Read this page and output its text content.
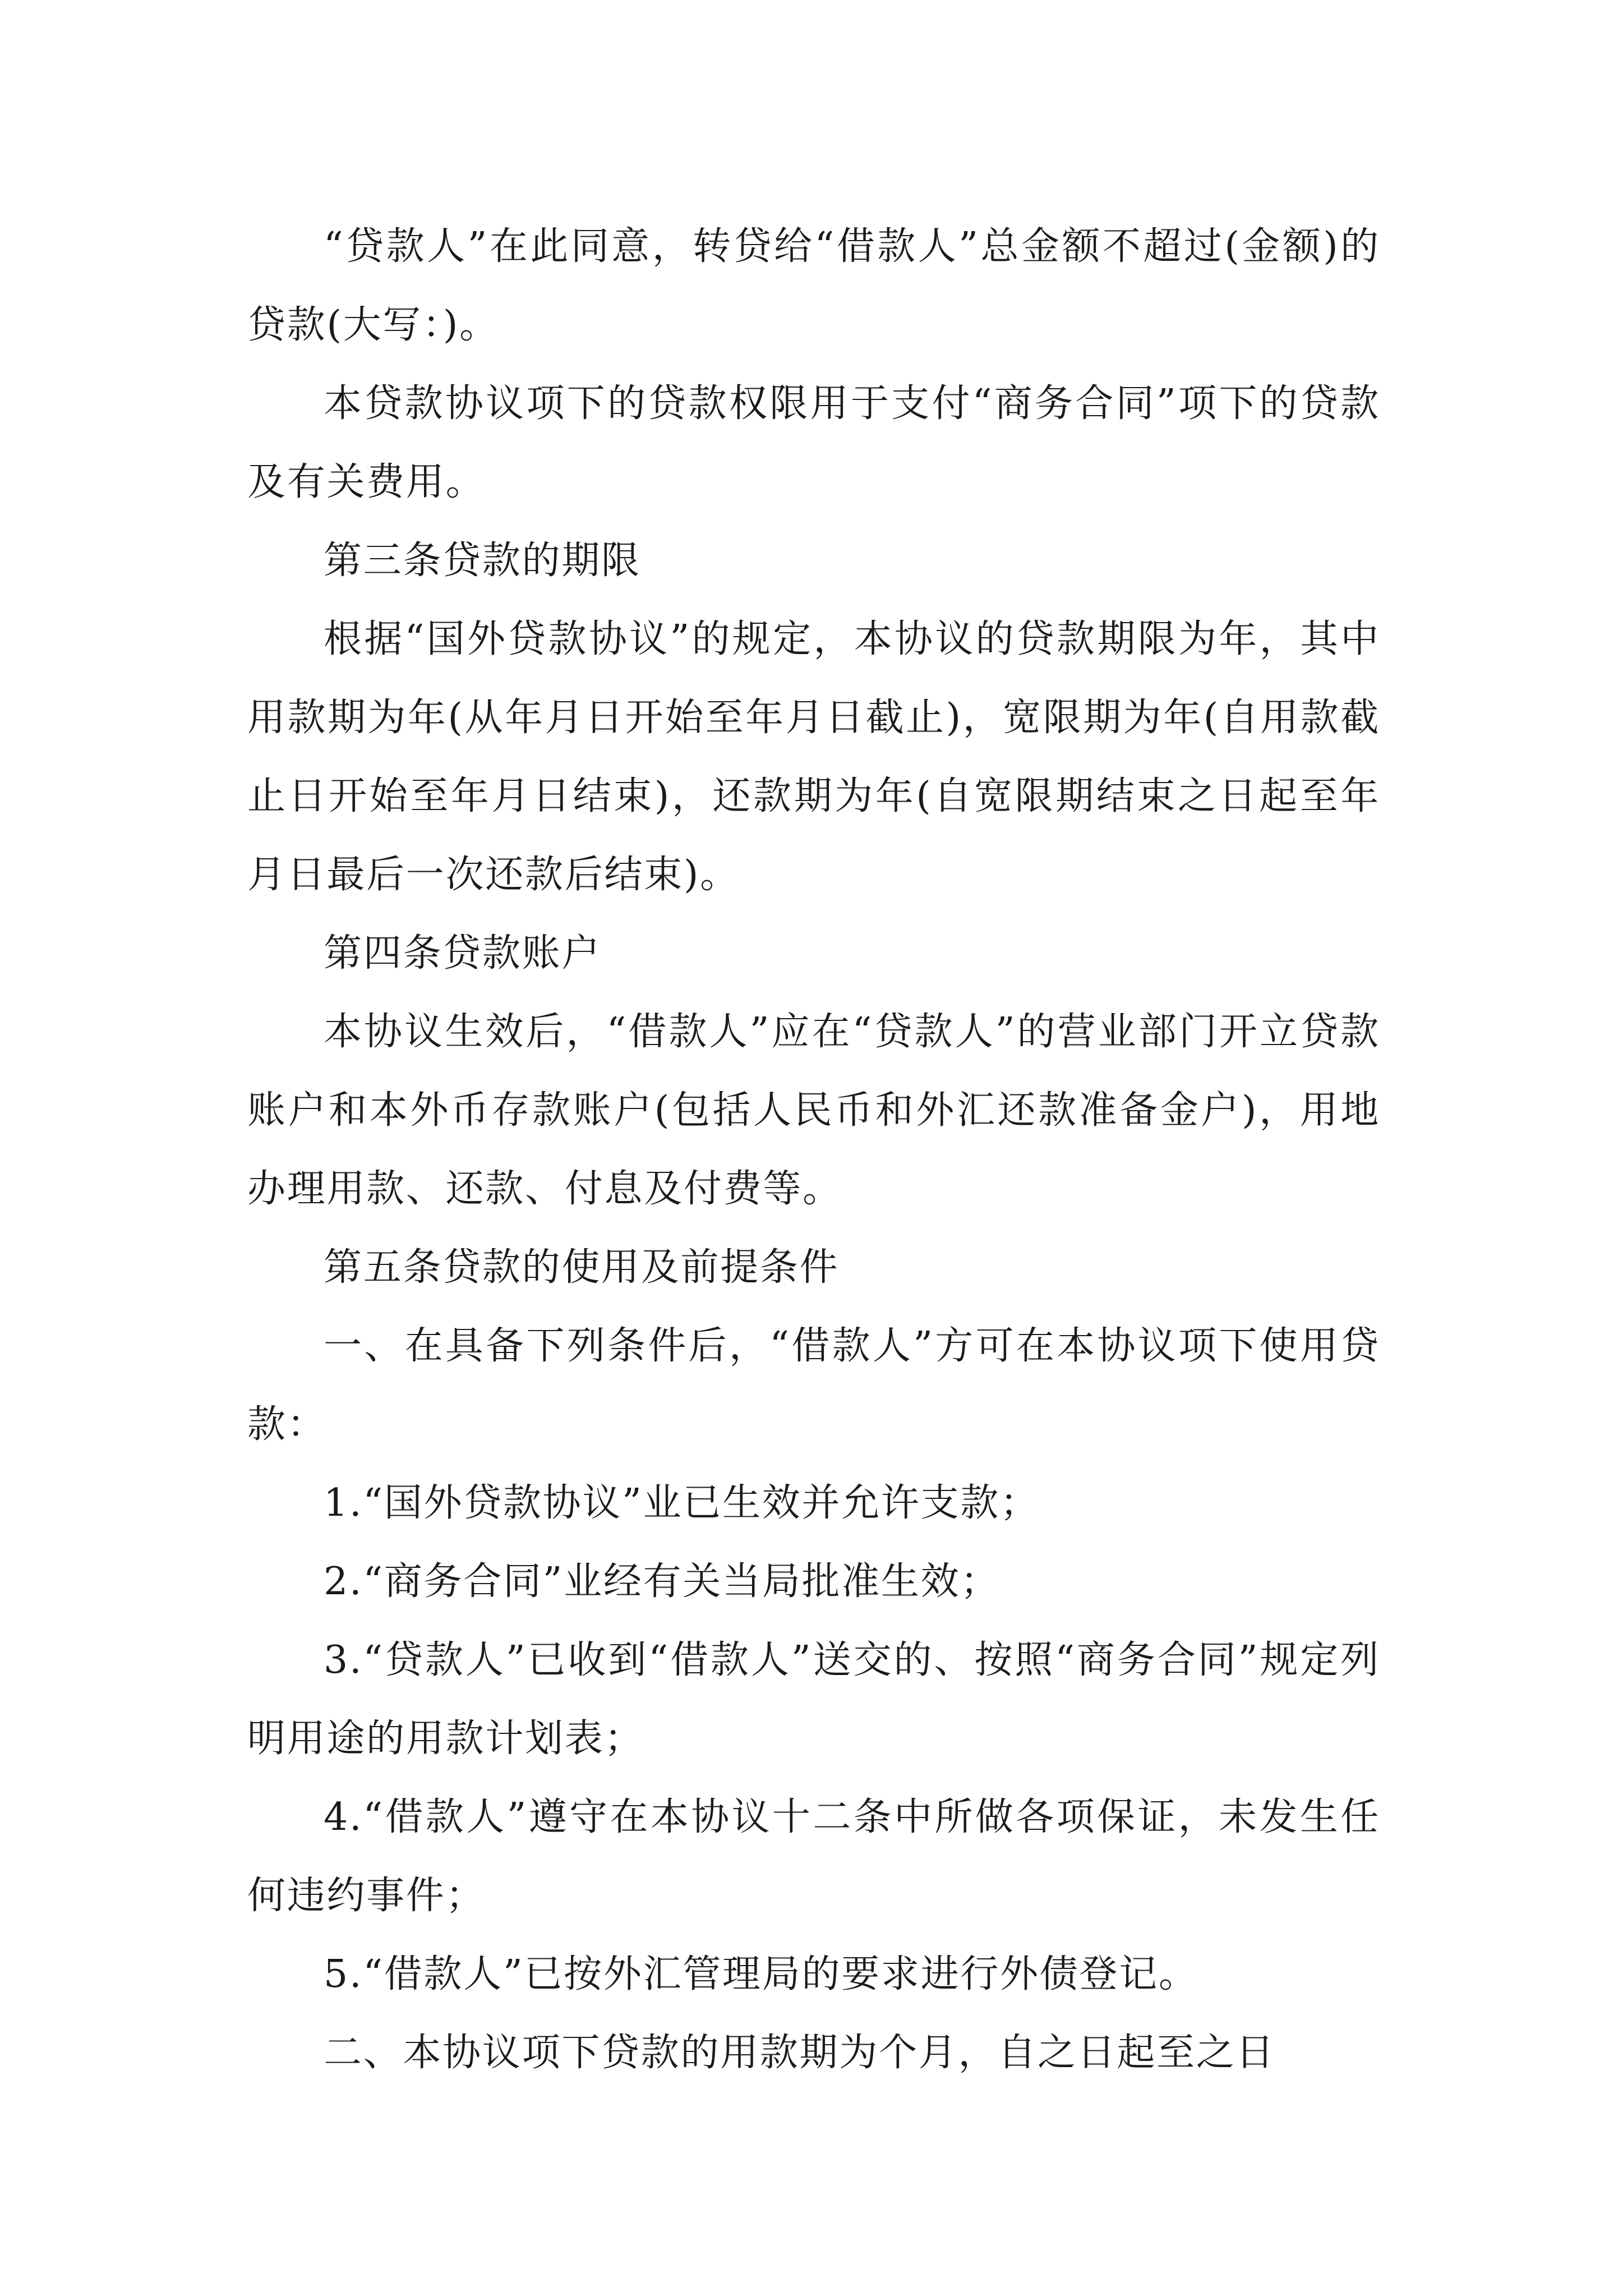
“贷款人”在此同意，转贷给“借款人”总金额不超过(金额)的贷款(大写：)。

本贷款协议项下的贷款权限用于支付“商务合同”项下的贷款及有关费用。

第三条贷款的期限

根据“国外贷款协议”的规定，本协议的贷款期限为年，其中用款期为年(从年月日开始至年月日截止)，宽限期为年(自用款截止日开始至年月日结束)，还款期为年(自宽限期结束之日起至年月日最后一次还款后结束)。

第四条贷款账户

本协议生效后，“借款人”应在“贷款人”的营业部门开立贷款账户和本外币存款账户(包括人民币和外汇还款准备金户)，用地办理用款、还款、付息及付费等。

第五条贷款的使用及前提条件

一、在具备下列条件后，“借款人”方可在本协议项下使用贷款：

1.“国外贷款协议”业已生效并允许支款；

2.“商务合同”业经有关当局批准生效；

3.“贷款人”已收到“借款人”送交的、按照“商务合同”规定列明用途的用款计划表；

4.“借款人”遵守在本协议十二条中所做各项保证，未发生任何违约事件；

5.“借款人”已按外汇管理局的要求进行外债登记。

二、本协议项下贷款的用款期为个月，自之日起至之日
